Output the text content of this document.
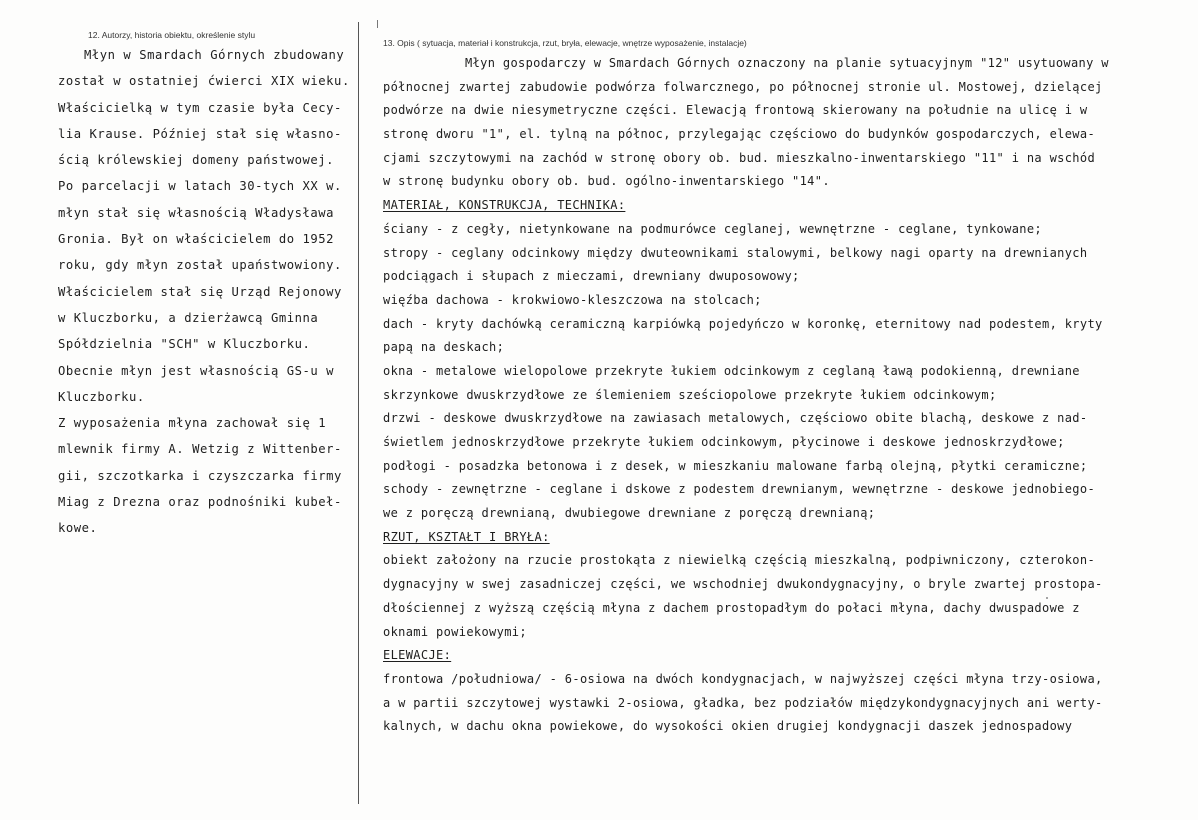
12. Autorzy, historia obiektu, określenie stylu
Młyn w Smardach Górnych zbudowany
został w ostatniej ćwierci XIX wieku.
Właścicielką w tym czasie była Cecy-
lia Krause. Później stał się własno-
ścią królewskiej domeny państwowej.
Po parcelacji w latach 30-tych XX w.
młyn stał się własnością Władysława
Gronia. Był on właścicielem do 1952
roku, gdy młyn został upaństwowiony.
Właścicielem stał się Urząd Rejonowy
w Kluczborku, a dzierżawcą Gminna
Spółdzielnia "SCH" w Kluczborku.
Obecnie młyn jest własnością GS-u w
Kluczborku.
Z wyposażenia młyna zachował się 1
mlewnik firmy A. Wetzig z Wittenber-
gii, szczotkarka i czyszczarka firmy
Miag z Drezna oraz podnośniki kubeł-
kowe.
13. Opis ( sytuacja, materiał i konstrukcja, rzut, bryła, elewacje, wnętrze wyposażenie, instalacje)
Młyn gospodarczy w Smardach Górnych oznaczony na planie sytuacyjnym "12" usytuowany w
północnej zwartej zabudowie podwórza folwarcznego, po północnej stronie ul. Mostowej, dzielącej
podwórze na dwie niesymetryczne części. Elewacją frontową skierowany na południe na ulicę i w
stronę dworu "1", el. tylną na północ, przylegając częściowo do budynków gospodarczych, elewa-
cjami szczytowymi na zachód w stronę obory ob. bud. mieszkalno-inwentarskiego "11" i na wschód
w stronę budynku obory ob. bud. ogólno-inwentarskiego "14".
MATERIAŁ, KONSTRUKCJA, TECHNIKA:
ściany - z cegły, nietynkowane na podmurówce ceglanej, wewnętrzne - ceglane, tynkowane;
stropy - ceglany odcinkowy między dwuteownikami stalowymi, belkowy nagi oparty na drewnianych
podciągach i słupach z mieczami, drewniany dwuposowowy;
więźba dachowa - krokwiowo-kleszczowa na stolcach;
dach - kryty dachówką ceramiczną karpiówką pojedyńczo w koronkę, eternitowy nad podestem, kryty
papą na deskach;
okna - metalowe wielopolowe przekryte łukiem odcinkowym z ceglaną ławą podokienną, drewniane
skrzynkowe dwuskrzydłowe ze ślemieniem sześciopolowe przekryte łukiem odcinkowym;
drzwi - deskowe dwuskrzydłowe na zawiasach metalowych, częściowo obite blachą, deskowe z nad-
świetlem jednoskrzydłowe przekryte łukiem odcinkowym, płycinowe i deskowe jednoskrzydłowe;
podłogi - posadzka betonowa i z desek, w mieszkaniu malowane farbą olejną, płytki ceramiczne;
schody - zewnętrzne - ceglane i dskowe z podestem drewnianym, wewnętrzne - deskowe jednobiego-
we z poręczą drewnianą, dwubiegowe drewniane z poręczą drewnianą;
RZUT, KSZTAŁT I BRYŁA:
obiekt założony na rzucie prostokąta z niewielką częścią mieszkalną, podpiwniczony, czterokon-
dygnacyjny w swej zasadniczej części, we wschodniej dwukondygnacyjny, o bryle zwartej prostopa-
dłościennej z wyższą częścią młyna z dachem prostopadłym do połaci młyna, dachy dwuspadowe z
oknami powiekowymi;
ELEWACJE:
frontowa /południowa/ - 6-osiowa na dwóch kondygnacjach, w najwyższej części młyna trzy-osiowa,
a w partii szczytowej wystawki 2-osiowa, gładka, bez podziałów międzykondygnacyjnych ani werty-
kalnych, w dachu okna powiekowe, do wysokości okien drugiej kondygnacji daszek jednospadowy
